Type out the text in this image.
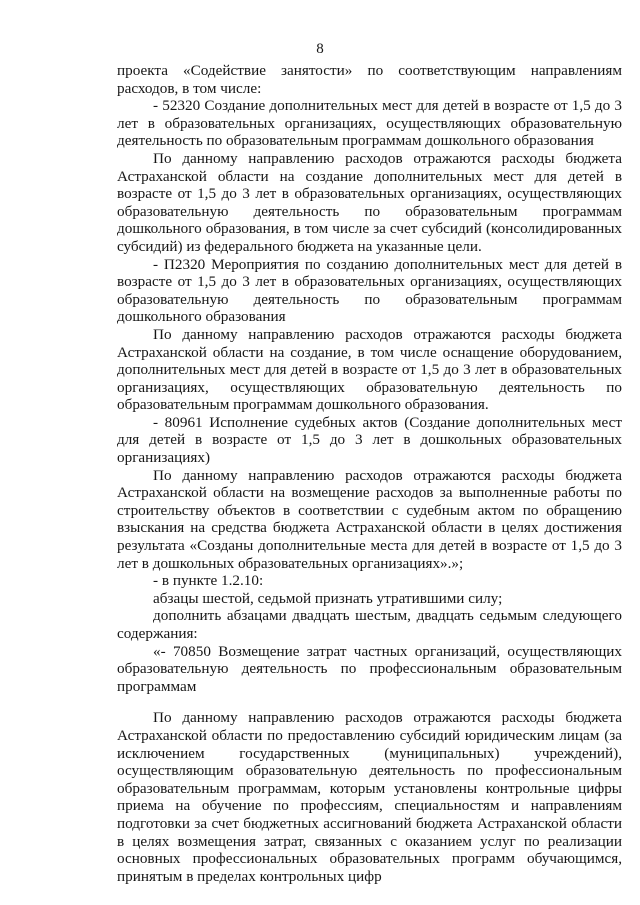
8

проекта «Содействие занятости» по соответствующим направлениям расходов, в том числе:

- 52320 Создание дополнительных мест для детей в возрасте от 1,5 до 3 лет в образовательных организациях, осуществляющих образовательную деятельность по образовательным программам дошкольного образования

По данному направлению расходов отражаются расходы бюджета Астраханской области на создание дополнительных мест для детей в возрасте от 1,5 до 3 лет в образовательных организациях, осуществляющих образовательную деятельность по образовательным программам дошкольного образования, в том числе за счет субсидий (консолидированных субсидий) из федерального бюджета на указанные цели.

- П2320 Мероприятия по созданию дополнительных мест для детей в возрасте от 1,5 до 3 лет в образовательных организациях, осуществляющих образовательную деятельность по образовательным программам дошкольного образования

По данному направлению расходов отражаются расходы бюджета Астраханской области на создание, в том числе оснащение оборудованием, дополнительных мест для детей в возрасте от 1,5 до 3 лет в образовательных организациях, осуществляющих образовательную деятельность по образовательным программам дошкольного образования.

- 80961 Исполнение судебных актов (Создание дополнительных мест для детей в возрасте от 1,5 до 3 лет в дошкольных образовательных организациях)

По данному направлению расходов отражаются расходы бюджета Астраханской области на возмещение расходов за выполненные работы по строительству объектов в соответствии с судебным актом по обращению взыскания на средства бюджета Астраханской области в целях достижения результата «Созданы дополнительные места для детей в возрасте от 1,5 до 3 лет в дошкольных образовательных организациях».»;

- в пункте 1.2.10:

абзацы шестой, седьмой признать утратившими силу;

дополнить абзацами двадцать шестым, двадцать седьмым следующего содержания:

«- 70850 Возмещение затрат частных организаций, осуществляющих образовательную деятельность по профессиональным образовательным программам

По данному направлению расходов отражаются расходы бюджета Астраханской области по предоставлению субсидий юридическим лицам (за исключением государственных (муниципальных) учреждений), осуществляющим образовательную деятельность по профессиональным образовательным программам, которым установлены контрольные цифры приема на обучение по профессиям, специальностям и направлениям подготовки за счет бюджетных ассигнований бюджета Астраханской области в целях возмещения затрат, связанных с оказанием услуг по реализации основных профессиональных образовательных программ обучающимся, принятым в пределах контрольных цифр
